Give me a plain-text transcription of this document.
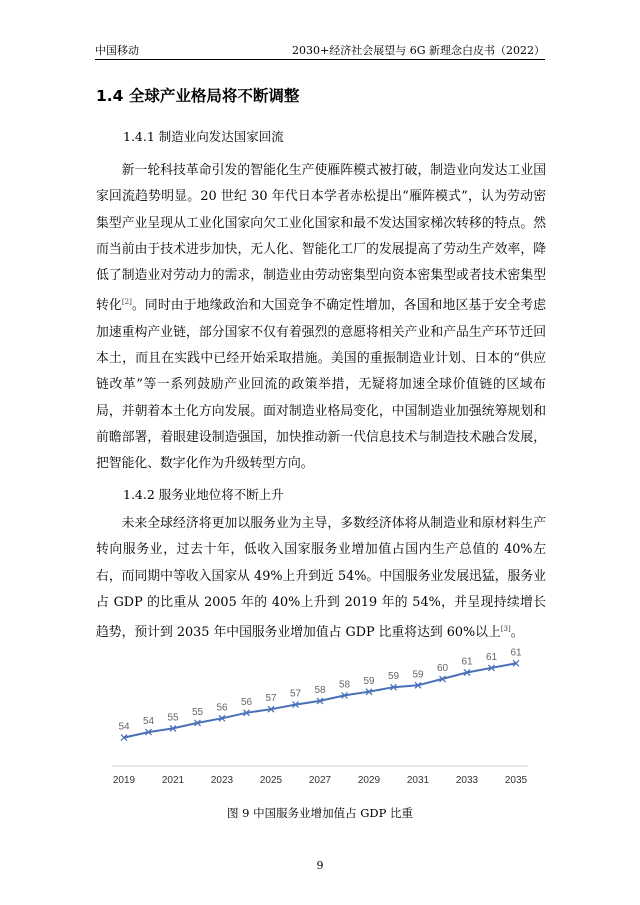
中国移动	2030+经济社会展望与 6G 新理念白皮书（2022）
1.4 全球产业格局将不断调整
1.4.1 制造业向发达国家回流

新一轮科技革命引发的智能化生产使雁阵模式被打破，制造业向发达工业国家回流趋势明显。20 世纪 30 年代日本学者赤松提出“雁阵模式”，认为劳动密集型产业呈现从工业化国家向欠工业化国家和最不发达国家梯次转移的特点。然而当前由于技术进步加快，无人化、智能化工厂的发展提高了劳动生产效率，降低了制造业对劳动力的需求，制造业由劳动密集型向资本密集型或者技术密集型转化[2]。同时由于地缘政治和大国竞争不确定性增加，各国和地区基于安全考虑加速重构产业链，部分国家不仅有着强烈的意愿将相关产业和产品生产环节迁回本土，而且在实践中已经开始采取措施。美国的重振制造业计划、日本的“供应链改革”等一系列鼓励产业回流的政策举措，无疑将加速全球价值链的区域布局，并朝着本土化方向发展。面对制造业格局变化，中国制造业加强统筹规划和前瞻部署，着眼建设制造强国，加快推动新一代信息技术与制造技术融合发展，把智能化、数字化作为升级转型方向。

1.4.2 服务业地位将不断上升

未来全球经济将更加以服务业为主导，多数经济体将从制造业和原材料生产转向服务业，过去十年，低收入国家服务业增加值占国内生产总值的 40%左右，而同期中等收入国家从 49%上升到近 54%。中国服务业发展迅猛，服务业占 GDP 的比重从 2005 年的 40%上升到 2019 年的 54%，并呈现持续增长趋势，预计到 2035 年中国服务业增加值占 GDP 比重将达到 60%以上[3]。

54 54 55 55 56 56 57 57 58 58 59 59 59
60
61 61 61
2019	2021	2023	2025	2027	2029	2031	2033	2035
图 9 中国服务业增加值占 GDP 比重
9
